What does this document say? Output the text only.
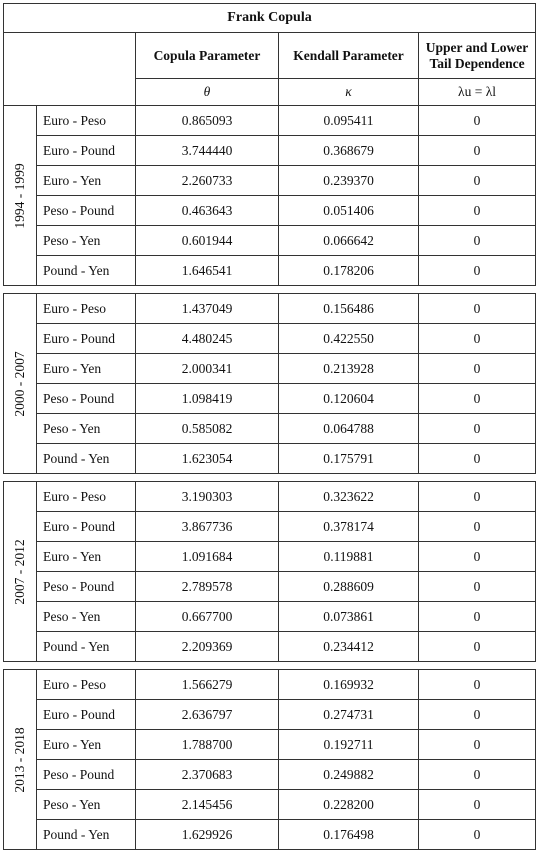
Frank Copula				
		Copula Parameter	Kendall Parameter	Upper and Lower Tail Dependence
		θ	κ	λu = λl

1994 - 1999	Euro - Peso	0.865093	0.095411	0
	Euro - Pound	3.744440	0.368679	0
	Euro - Yen	2.260733	0.239370	0
	Peso - Pound	0.463643	0.051406	0
	Peso - Yen	0.601944	0.066642	0
	Pound - Yen	1.646541	0.178206	0

2000 - 2007	Euro - Peso	1.437049	0.156486	0
	Euro - Pound	4.480245	0.422550	0
	Euro - Yen	2.000341	0.213928	0
	Peso - Pound	1.098419	0.120604	0
	Peso - Yen	0.585082	0.064788	0
	Pound - Yen	1.623054	0.175791	0

2007 - 2012	Euro - Peso	3.190303	0.323622	0
	Euro - Pound	3.867736	0.378174	0
	Euro - Yen	1.091684	0.119881	0
	Peso - Pound	2.789578	0.288609	0
	Peso - Yen	0.667700	0.073861	0
	Pound - Yen	2.209369	0.234412	0

2013 - 2018	Euro - Peso	1.566279	0.169932	0
	Euro - Pound	2.636797	0.274731	0
	Euro - Yen	1.788700	0.192711	0
	Peso - Pound	2.370683	0.249882	0
	Peso - Yen	2.145456	0.228200	0
	Pound - Yen	1.629926	0.176498	0
